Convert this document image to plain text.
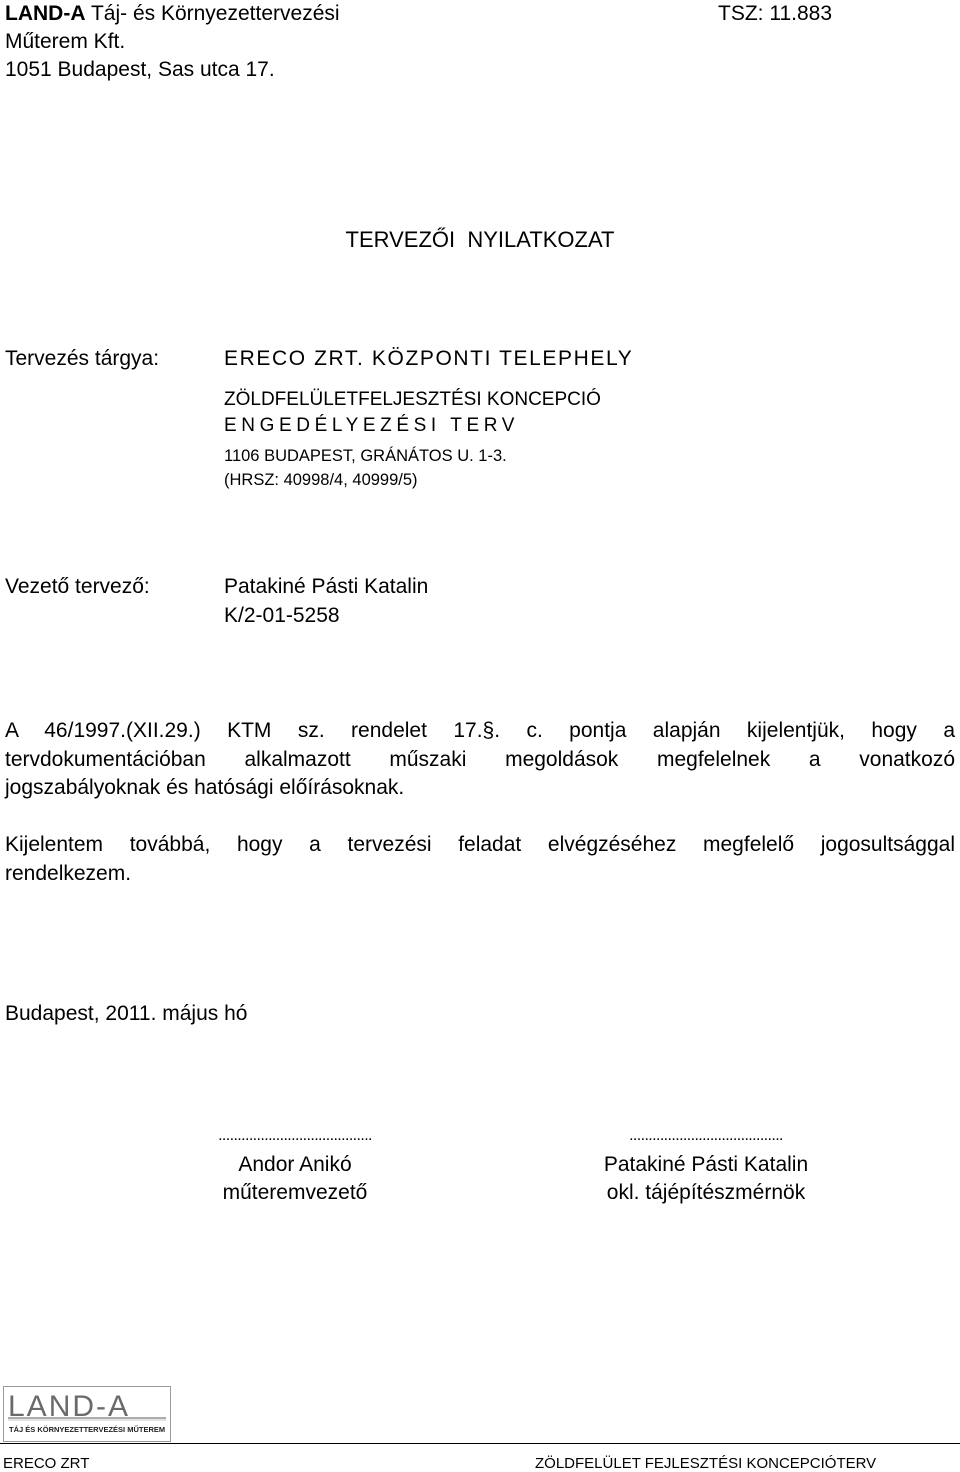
LAND-A Táj- és Környezettervezési
Műterem Kft.
1051 Budapest, Sas utca 17.
TSZ: 11.883
TERVEZŐI  NYILATKOZAT
Tervezés tárgya:	ERECO ZRT. KÖZPONTI TELEPHELY
ZÖLDFELÜLETFELJESZTÉSI KONCEPCIÓ
ENGEDÉLYEZÉSI TERV
1106 BUDAPEST, GRÁNÁTOS U. 1-3.
(HRSZ: 40998/4, 40999/5)
Vezető tervező:	Patakiné Pásti Katalin
K/2-01-5258
A 46/1997.(XII.29.) KTM sz. rendelet 17.§. c. pontja alapján kijelentjük, hogy a
tervdokumentációban alkalmazott műszaki megoldások megfelelnek a vonatkozó
jogszabályoknak és hatósági előírásoknak.
Kijelentem továbbá, hogy a tervezési feladat elvégzéséhez megfelelő jogosultsággal
rendelkezem.
Budapest, 2011. május hó
........................................
Andor Anikó
műteremvezető
........................................
Patakiné Pásti Katalin
okl. tájépítészmérnök
LAND-A
TÁJ ÉS KÖRNYEZETTERVEZÉSI MŰTEREM
ERECO ZRT	ZÖLDFELÜLET FEJLESZTÉSI KONCEPCIÓTERV
